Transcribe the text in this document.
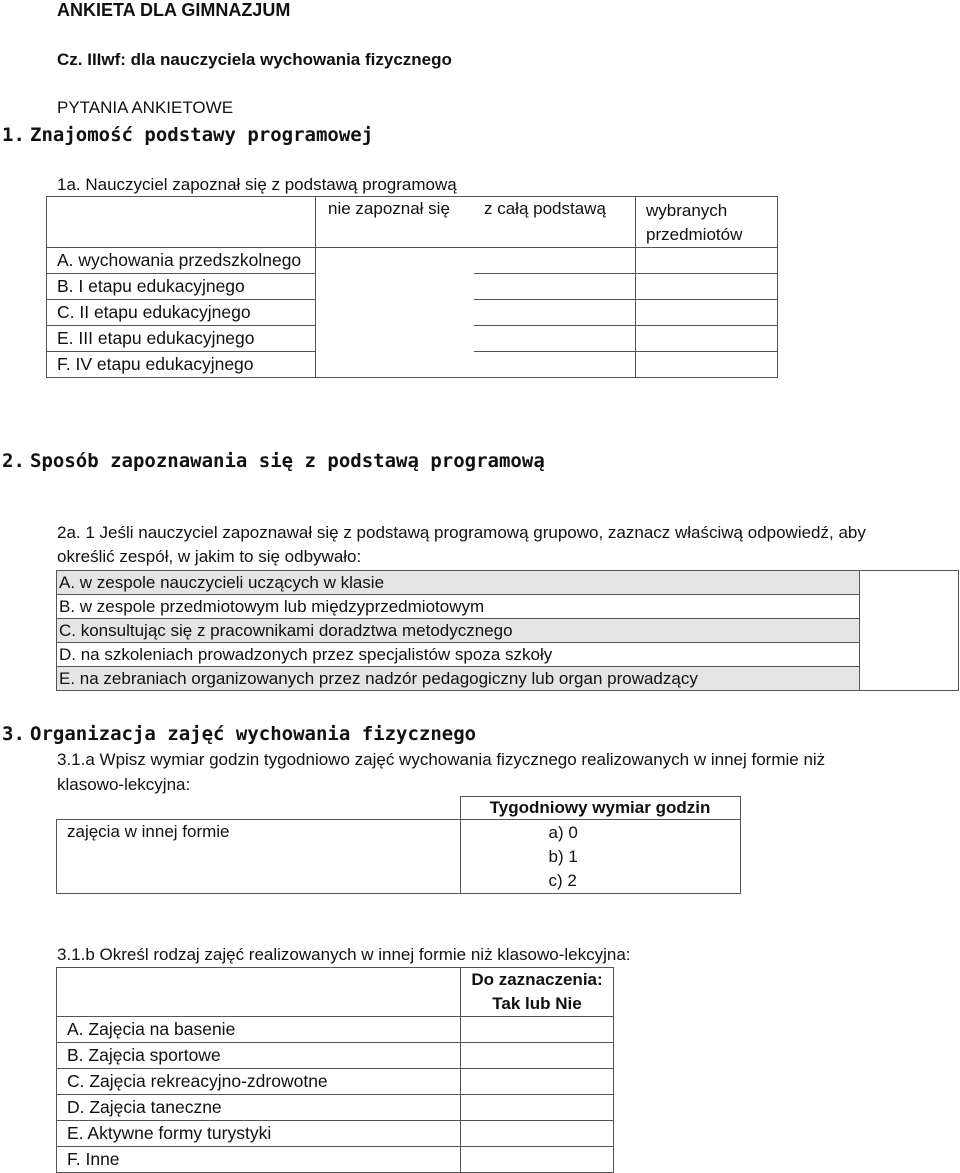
ANKIETA DLA GIMNAZJUM
Cz. IIIwf: dla nauczyciela wychowania fizycznego
PYTANIA ANKIETOWE
1. Znajomość podstawy programowej
1a. Nauczyciel zapoznał się z podstawą programową

	nie zapoznał się	z całą podstawą	wybranych przedmiotów

A. wychowania przedszkolnego			
B. I etapu edukacyjnego			
C. II etapu edukacyjnego			
E. III etapu edukacyjnego			
F. IV etapu edukacyjnego			
2. Sposób zapoznawania się z podstawą programową
2a. 1 Jeśli nauczyciel zapoznawał się z podstawą programową grupowo, zaznacz właściwą odpowiedź, aby
określić zespół, w jakim to się odbywało:
A. w zespole nauczycieli uczących w klasie	
B. w zespole przedmiotowym lub międzyprzedmiotowym	
C. konsultując się z pracownikami doradztwa metodycznego	
D. na szkoleniach prowadzonych przez specjalistów spoza szkoły	
E. na zebraniach organizowanych przez nadzór pedagogiczny lub organ prowadzący	
3. Organizacja zajęć wychowania fizycznego
3.1.a Wpisz wymiar godzin tygodniowo zajęć wychowania fizycznego realizowanych w innej formie niż
klasowo-lekcyjna:
	Tygodniowy wymiar godzin
zajęcia w innej formie	a) 0
b) 1
c) 2
3.1.b Określ rodzaj zajęć realizowanych w innej formie niż klasowo-lekcyjna:

	Do zaznaczenia:
Tak lub Nie

A. Zajęcia na basenie	
B. Zajęcia sportowe	
C. Zajęcia rekreacyjno-zdrowotne	
D. Zajęcia taneczne	
E. Aktywne formy turystyki	
F. Inne	
